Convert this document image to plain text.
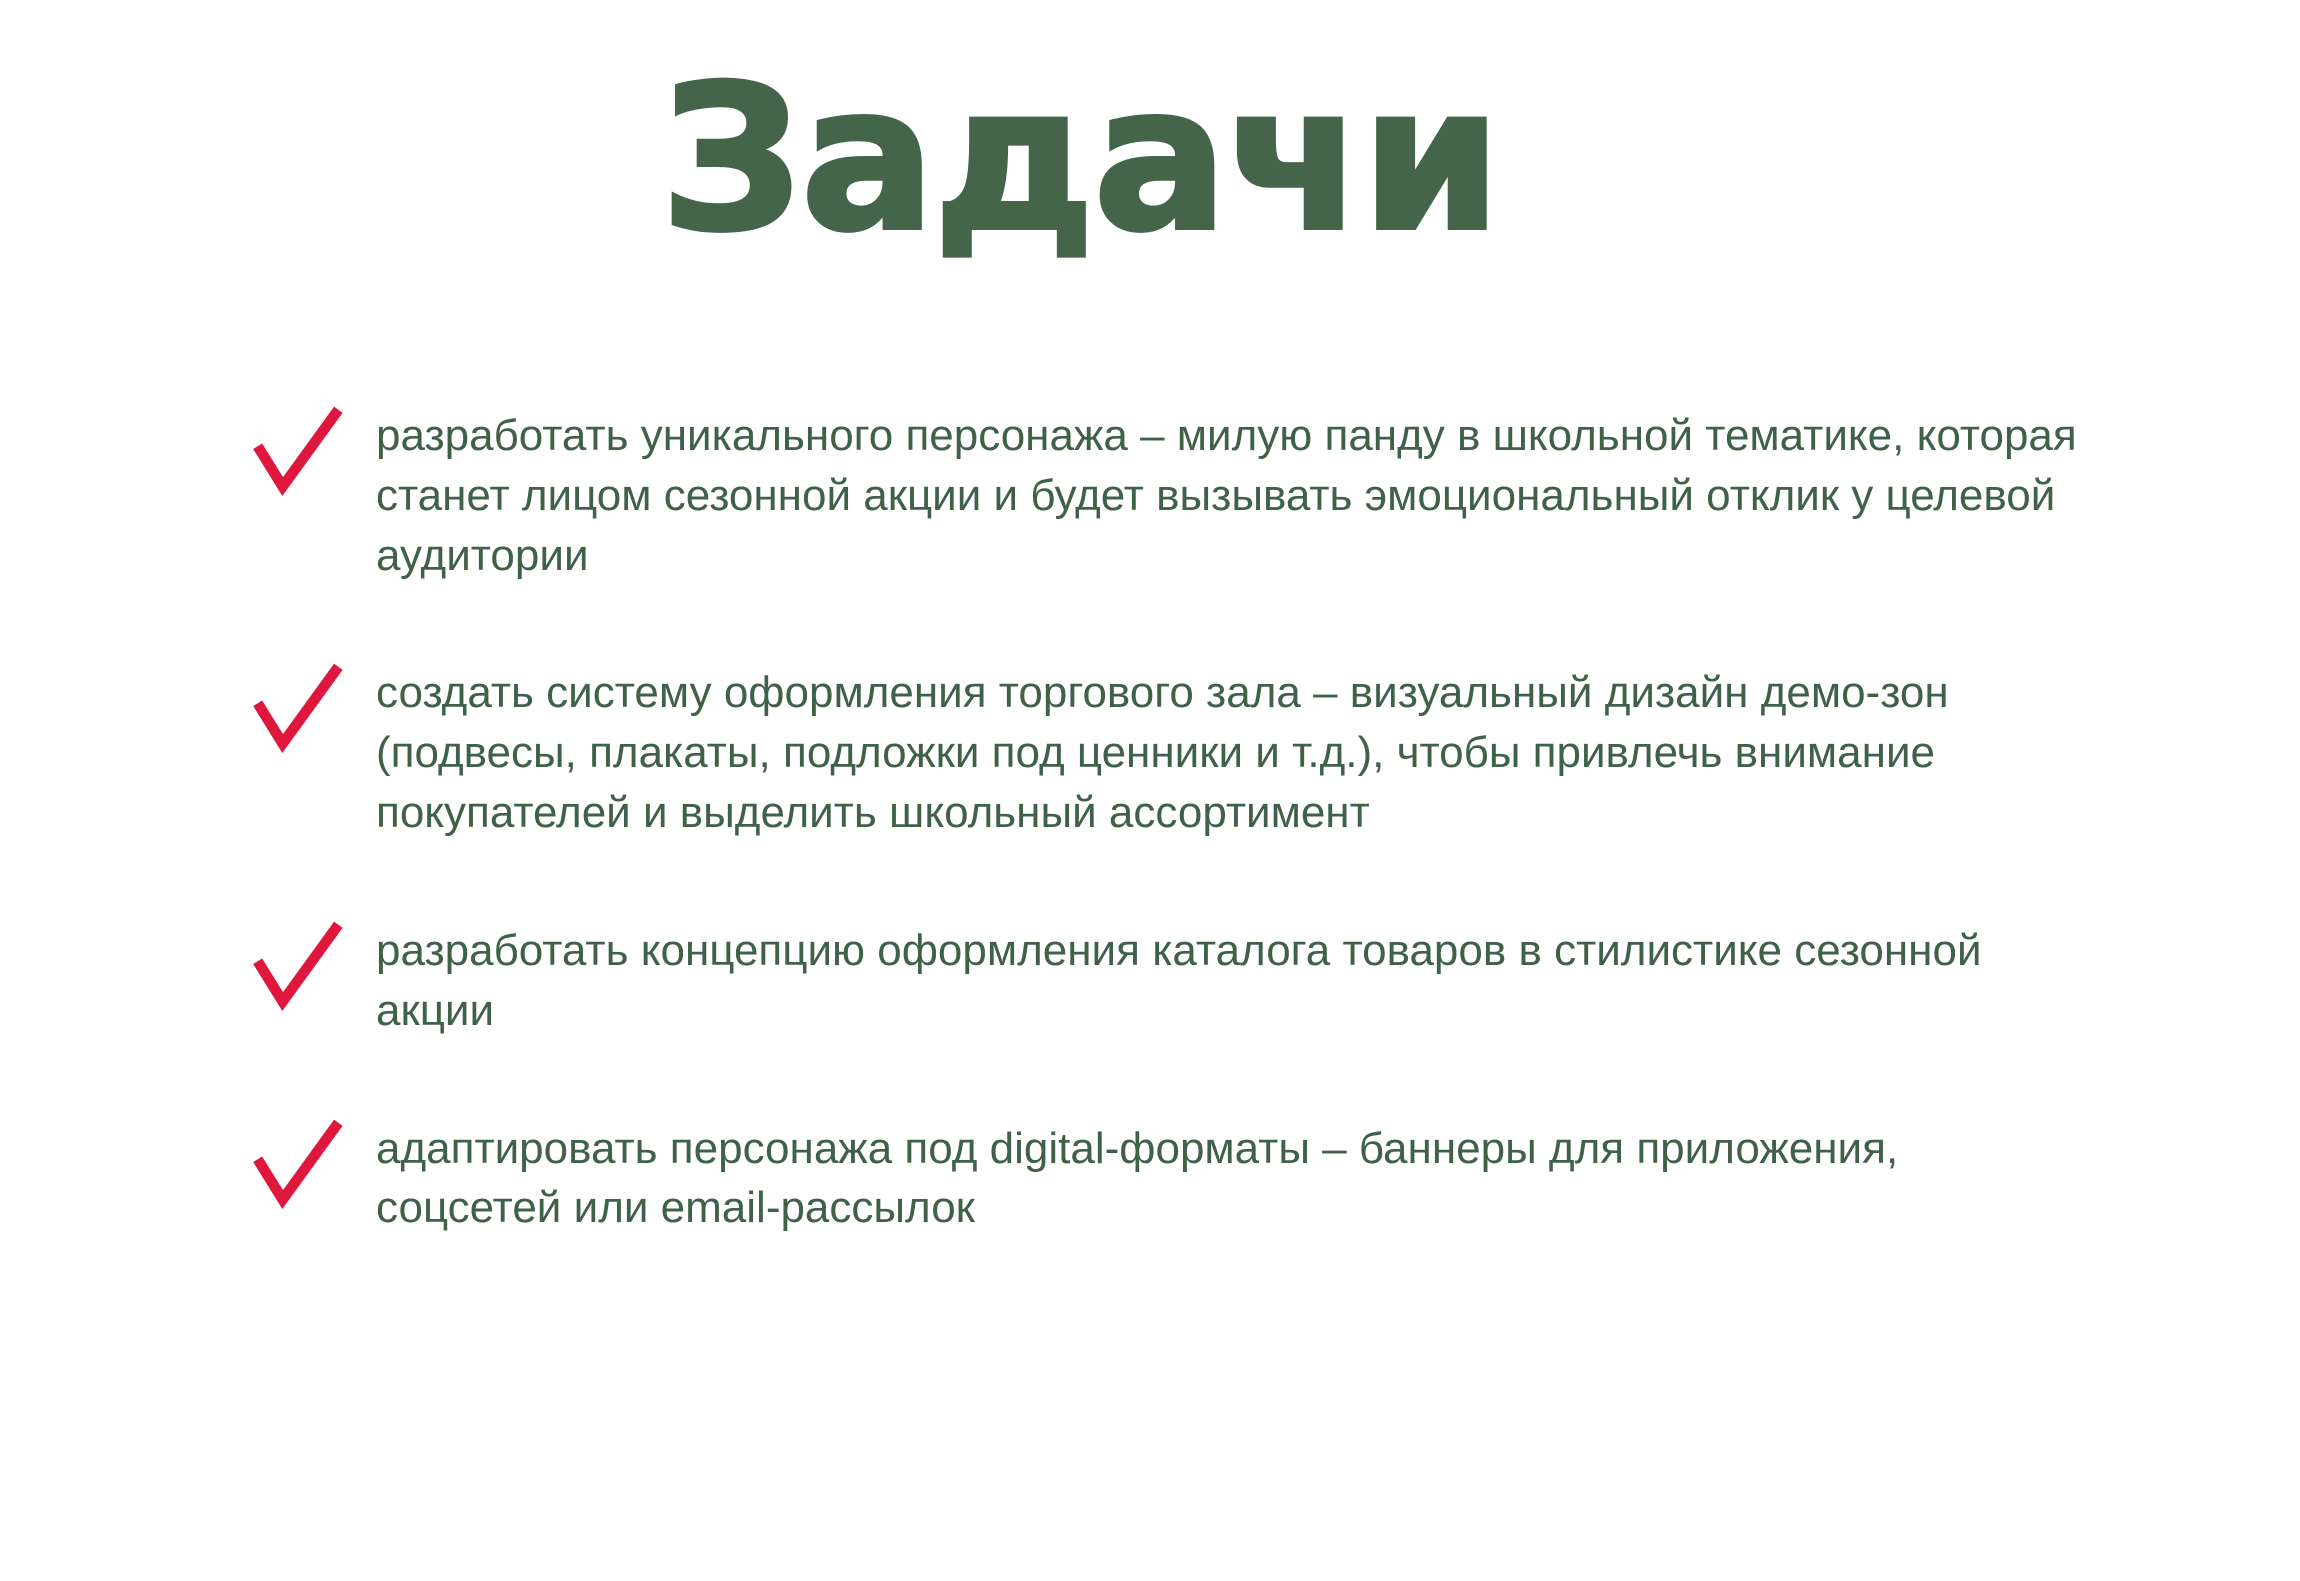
Задачи
разработать уникального персонажа – милую панду в школьной тематике, которая станет лицом сезонной акции и будет вызывать эмоциональный отклик у целевой аудитории
создать систему оформления торгового зала – визуальный дизайн демо-зон (подвесы, плакаты, подложки под ценники и т.д.), чтобы привлечь внимание покупателей и выделить школьный ассортимент
разработать концепцию оформления каталога товаров в стилистике сезонной акции
адаптировать персонажа под digital-форматы – баннеры для приложения, соцсетей или email-рассылок
